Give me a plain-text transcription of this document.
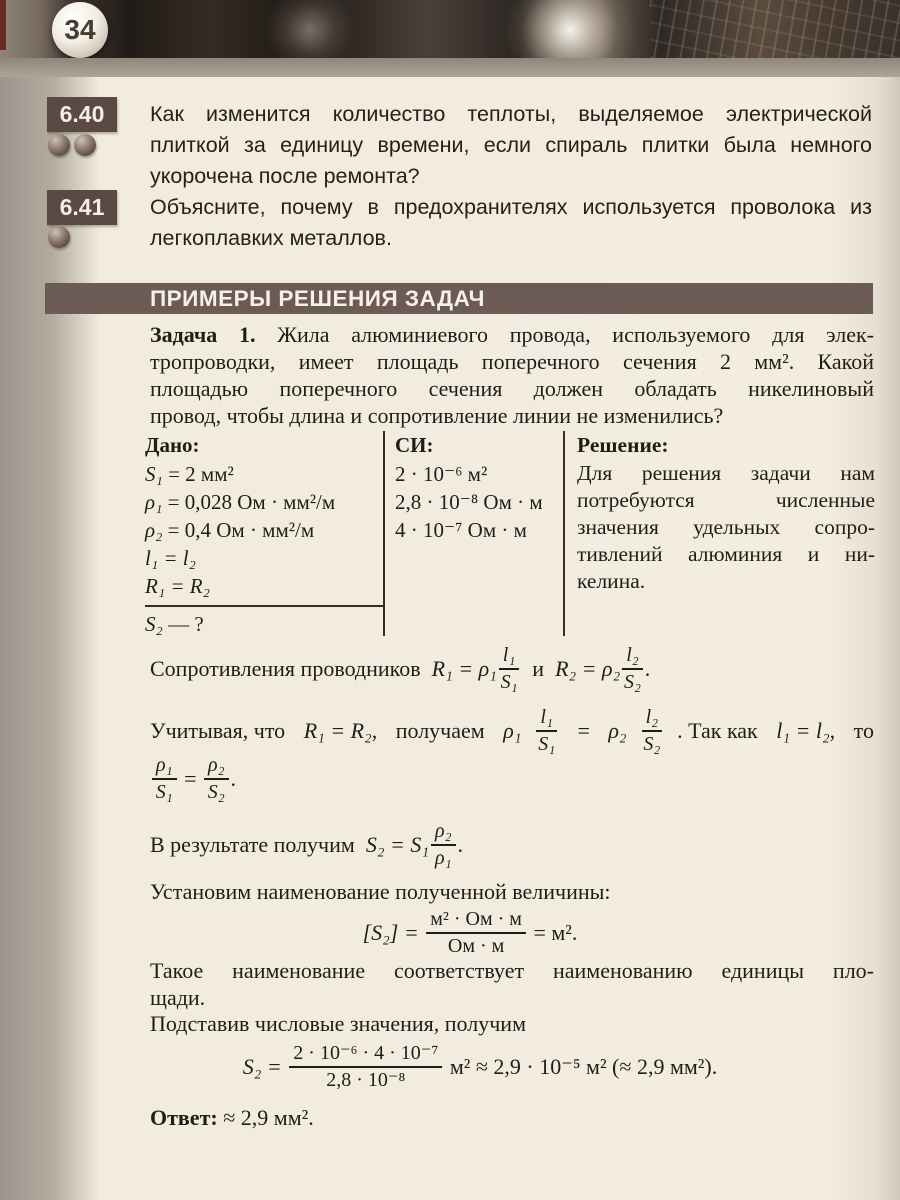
34
6.40 Как изменится количество теплоты, выделяемое электрической
плиткой за единицу времени, если спираль плитки была немного
укорочена после ремонта?
6.41 Объясните, почему в предохранителях используется проволока из
легкоплавких металлов.
ПРИМЕРЫ РЕШЕНИЯ ЗАДАЧ
Задача 1. Жила алюминиевого провода, используемого для элек-
тропроводки, имеет площадь поперечного сечения 2 мм². Какой
площадью поперечного сечения должен обладать никелиновый
провод, чтобы длина и сопротивление линии не изменились?
Дано:
S₁ = 2 мм²
ρ₁ = 0,028 Ом · мм²/м
ρ₂ = 0,4 Ом · мм²/м
l₁ = l₂
R₁ = R₂
S₂ — ?
СИ:
2 · 10⁻⁶ м²
2,8 · 10⁻⁸ Ом · м
4 · 10⁻⁷ Ом · м
Решение:
Для решения задачи нам
потребуются численные
значения удельных сопро-
тивлений алюминия и ни-
келина.
Сопротивления проводников $R_1 = \rho_1 \frac{\text{l₁}}{\text{S₁}}$ и $R_2 = \rho_2 \frac{\text{l₂}}{\text{S₂}}$ .
Учитывая, что R₁ = R₂, получаем $\rho_1 \frac{\text{l₁}}{\text{S₁}} = \rho_2 \frac{\text{l₂}}{\text{S₂}}$ . Так как l₁ = l₂, то
$\frac{\text{ρ₁}}{\text{S₁}} = \frac{\text{ρ₂}}{\text{S₂}}$ .
В результате получим $S_2 = S_1 \frac{\text{ρ₂}}{\text{ρ₁}}$ .
Установим наименование полученной величины:
$[S_2] = \frac{\text{м² · Ом · м}}{Ом \cdot м} = м^2$.
Такое наименование соответствует наименованию единицы пло-
щади.
Подставив числовые значения, получим
$S_2 = \frac{\text{2 · 10⁻⁶ · 4 · 10⁻⁷}}{\text{2,8 · 10⁻⁸}} м^2 \approx 2,9 \cdot 10^{-5}$ м² (≈ 2,9 мм²).
Ответ: ≈ 2,9 мм².
